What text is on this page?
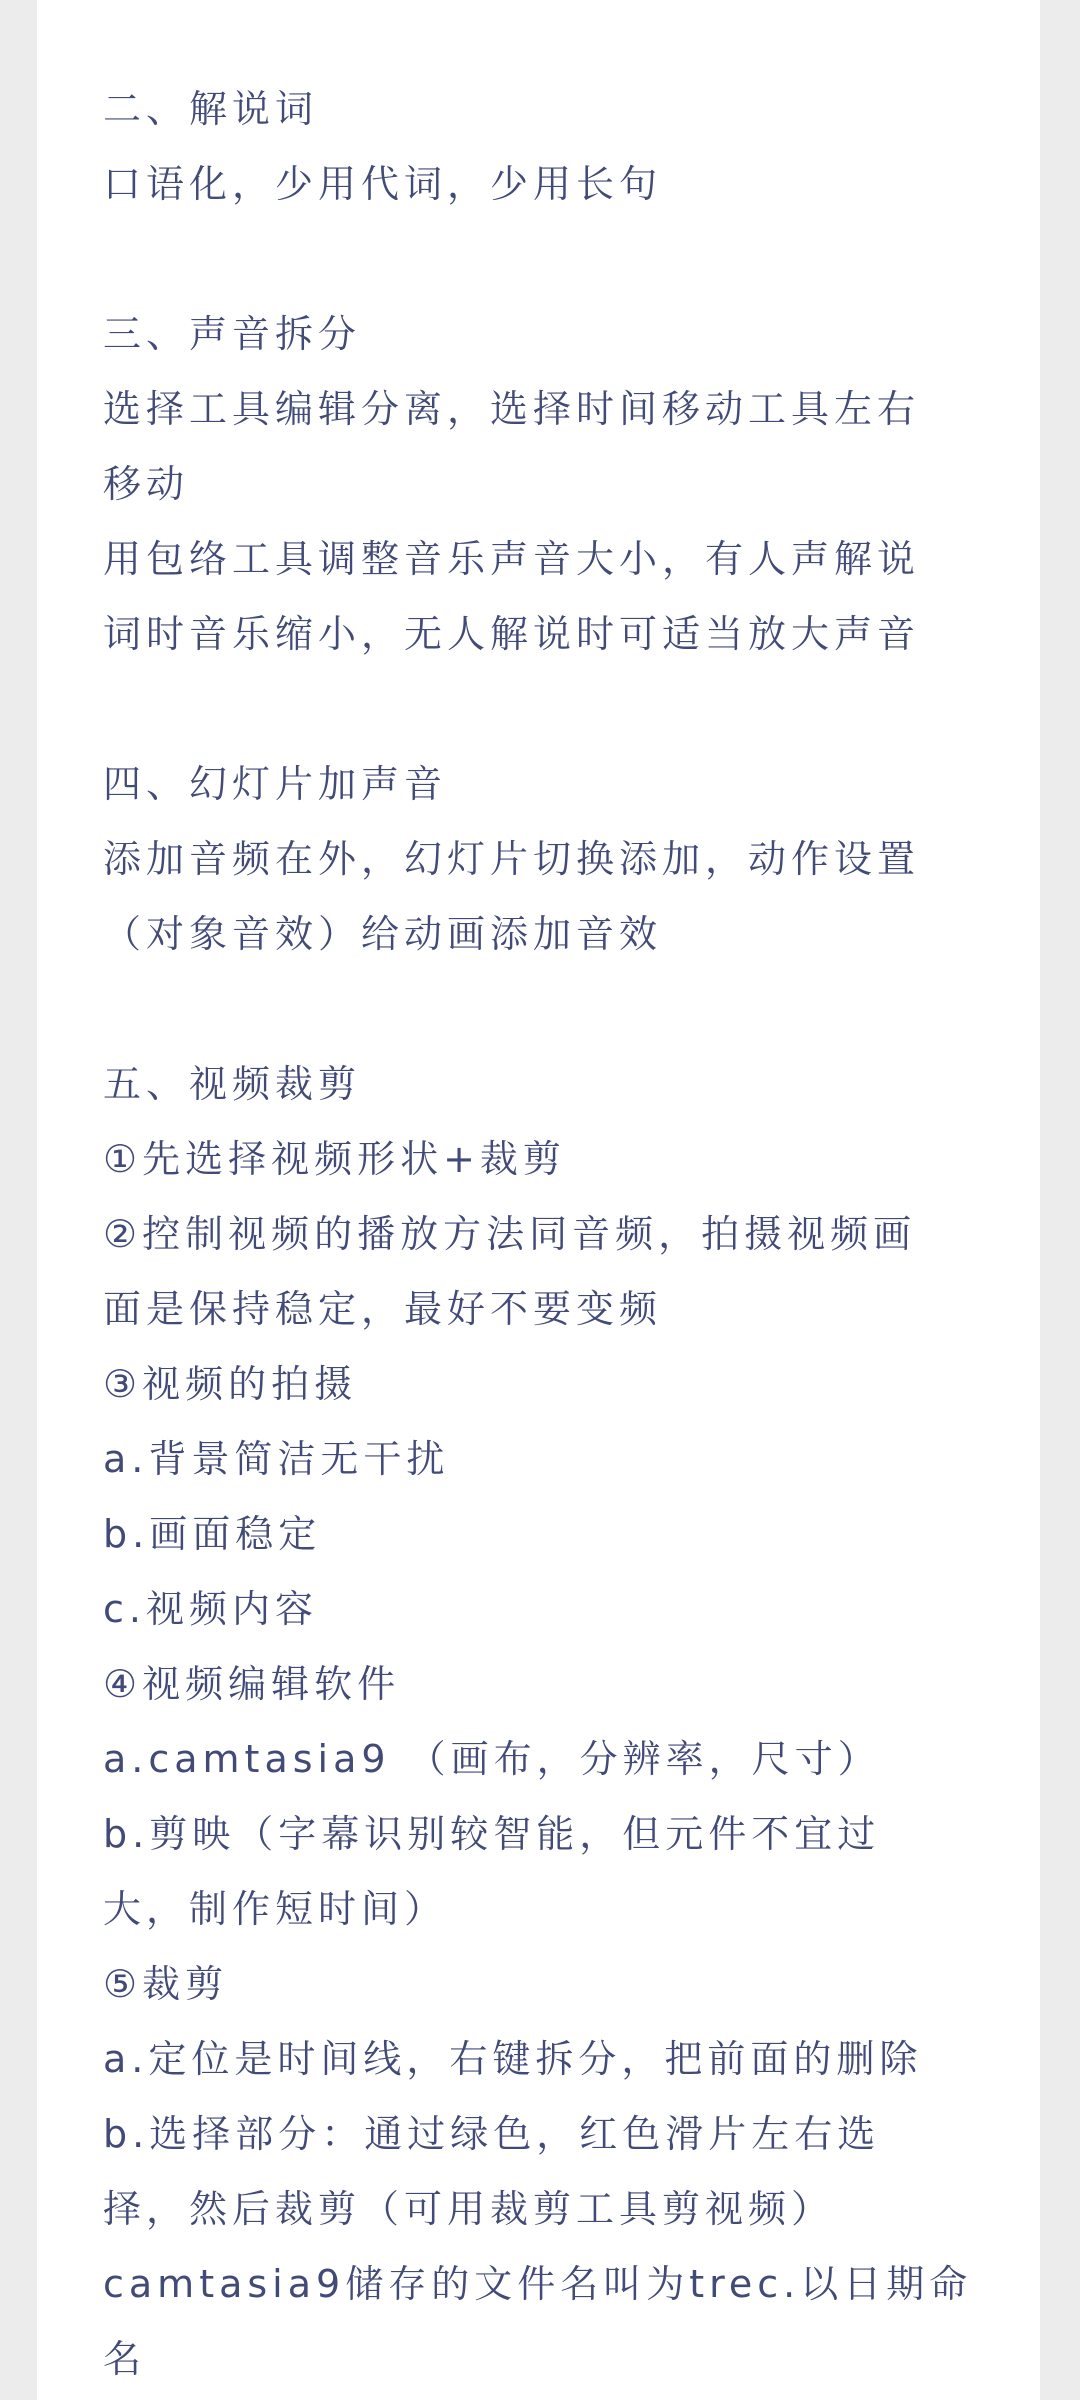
二、解说词
口语化，少用代词，少用长句
三、声音拆分
选择工具编辑分离，选择时间移动工具左右
移动
用包络工具调整音乐声音大小，有人声解说
词时音乐缩小，无人解说时可适当放大声音
四、幻灯片加声音
添加音频在外，幻灯片切换添加，动作设置
（对象音效）给动画添加音效
五、视频裁剪
①先选择视频形状+裁剪
②控制视频的播放方法同音频，拍摄视频画
面是保持稳定，最好不要变频
③视频的拍摄
a.背景简洁无干扰
b.画面稳定
c.视频内容
④视频编辑软件
a.camtasia9 （画布，分辨率，尺寸）
b.剪映（字幕识别较智能，但元件不宜过
大，制作短时间）
⑤裁剪
a.定位是时间线，右键拆分，把前面的删除
b.选择部分：通过绿色，红色滑片左右选
择，然后裁剪（可用裁剪工具剪视频）
camtasia9储存的文件名叫为trec.以日期命
名
